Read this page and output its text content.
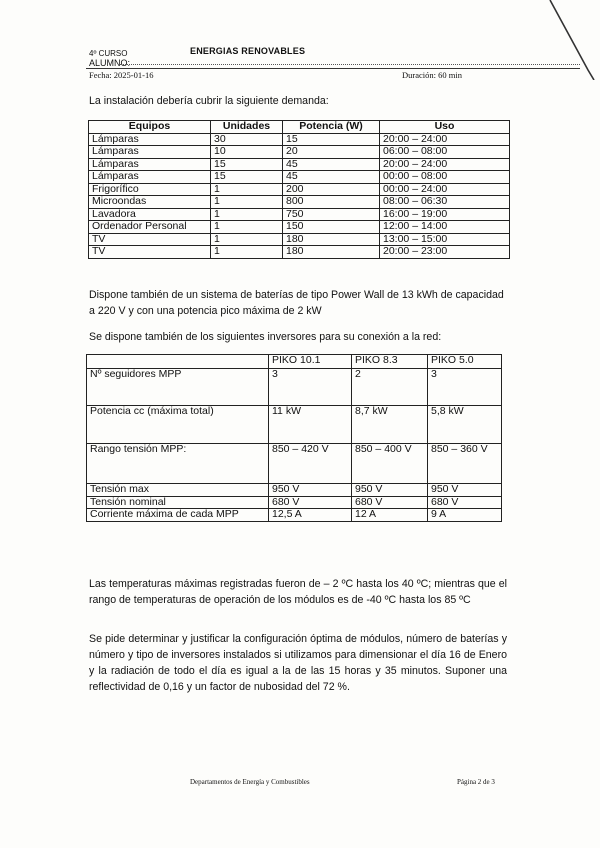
4º CURSO	ENERGIAS RENOVABLES
ALUMNO:
Fecha: 2025-01-16	Duración: 60 min

La instalación debería cubrir la siguiente demanda:

Equipos	Unidades	Potencia (W)	Uso
Lámparas	30	15	20:00 – 24:00
Lámparas	10	20	06:00 – 08:00
Lámparas	15	45	20:00 – 24:00
Lámparas	15	45	00:00 – 08:00
Frigorífico	1	200	00:00 – 24:00
Microondas	1	800	08:00 – 06:30
Lavadora	1	750	16:00 – 19:00
Ordenador Personal	1	150	12:00 – 14:00
TV	1	180	13:00 – 15:00
TV	1	180	20:00 – 23:00

Dispone también de un sistema de baterías de tipo Power Wall de 13 kWh de capacidad a 220 V y con una potencia pico máxima de 2 kW

Se dispone también de los siguientes inversores para su conexión a la red:

	PIKO 10.1	PIKO 8.3	PIKO 5.0
Nº seguidores MPP	3	2	3
Potencia cc (máxima total)	11 kW	8,7 kW	5,8 kW
Rango tensión MPP:	850 – 420 V	850 – 400 V	850 – 360 V
Tensión max	950 V	950 V	950 V
Tensión nominal	680 V	680 V	680 V
Corriente máxima de cada MPP	12,5 A	12 A	9 A

Las temperaturas máximas registradas fueron de – 2 ºC hasta los 40 ºC; mientras que el rango de temperaturas de operación de los módulos es de -40 ºC hasta los 85 ºC

Se pide determinar y justificar la configuración óptima de módulos, número de baterías y número y tipo de inversores instalados si utilizamos para dimensionar el día 16 de Enero y la radiación de todo el día es igual a la de las 15 horas y 35 minutos. Suponer una reflectividad de 0,16 y un factor de nubosidad del 72 %.

Departamentos de Energía y Combustibles	Página 2 de 3
